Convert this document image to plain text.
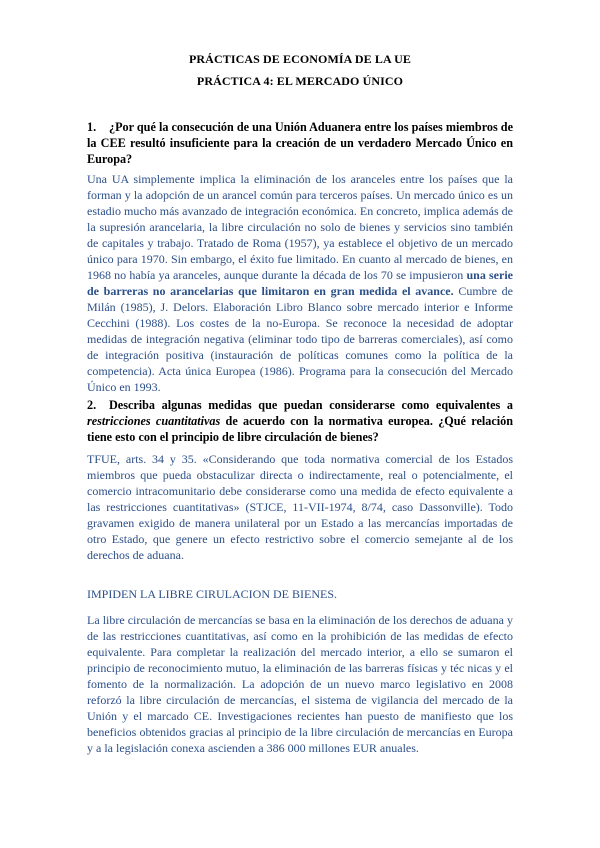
PRÁCTICAS DE ECONOMÍA DE LA UE
PRÁCTICA 4: EL MERCADO ÚNICO
1. ¿Por qué la consecución de una Unión Aduanera entre los países miembros de la CEE resultó insuficiente para la creación de un verdadero Mercado Único en Europa?
Una UA simplemente implica la eliminación de los aranceles entre los países que la forman y la adopción de un arancel común para terceros países. Un mercado único es un estadio mucho más avanzado de integración económica. En concreto, implica además de la supresión arancelaria, la libre circulación no solo de bienes y servicios sino también de capitales y trabajo. Tratado de Roma (1957), ya establece el objetivo de un mercado único para 1970. Sin embargo, el éxito fue limitado. En cuanto al mercado de bienes, en 1968 no había ya aranceles, aunque durante la década de los 70 se impusieron una serie de barreras no arancelarias que limitaron en gran medida el avance. Cumbre de Milán (1985), J. Delors. Elaboración Libro Blanco sobre mercado interior e Informe Cecchini (1988). Los costes de la no-Europa. Se reconoce la necesidad de adoptar medidas de integración negativa (eliminar todo tipo de barreras comerciales), así como de integración positiva (instauración de políticas comunes como la política de la competencia). Acta única Europea (1986). Programa para la consecución del Mercado Único en 1993.
2. Describa algunas medidas que puedan considerarse como equivalentes a restricciones cuantitativas de acuerdo con la normativa europea. ¿Qué relación tiene esto con el principio de libre circulación de bienes?
TFUE, arts. 34 y 35. «Considerando que toda normativa comercial de los Estados miembros que pueda obstaculizar directa o indirectamente, real o potencialmente, el comercio intracomunitario debe considerarse como una medida de efecto equivalente a las restricciones cuantitativas» (STJCE, 11-VII-1974, 8/74, caso Dassonville). Todo gravamen exigido de manera unilateral por un Estado a las mercancías importadas de otro Estado, que genere un efecto restrictivo sobre el comercio semejante al de los derechos de aduana.
IMPIDEN LA LIBRE CIRULACION DE BIENES.
La libre circulación de mercancías se basa en la eliminación de los derechos de aduana y de las restricciones cuantitativas, así como en la prohibición de las medidas de efecto equivalente. Para completar la realización del mercado interior, a ello se sumaron el principio de reconocimiento mutuo, la eliminación de las barreras físicas y téc nicas y el fomento de la normalización. La adopción de un nuevo marco legislativo en 2008 reforzó la libre circulación de mercancías, el sistema de vigilancia del mercado de la Unión y el marcado CE. Investigaciones recientes han puesto de manifiesto que los beneficios obtenidos gracias al principio de la libre circulación de mercancías en Europa y a la legislación conexa ascienden a 386 000 millones EUR anuales.
